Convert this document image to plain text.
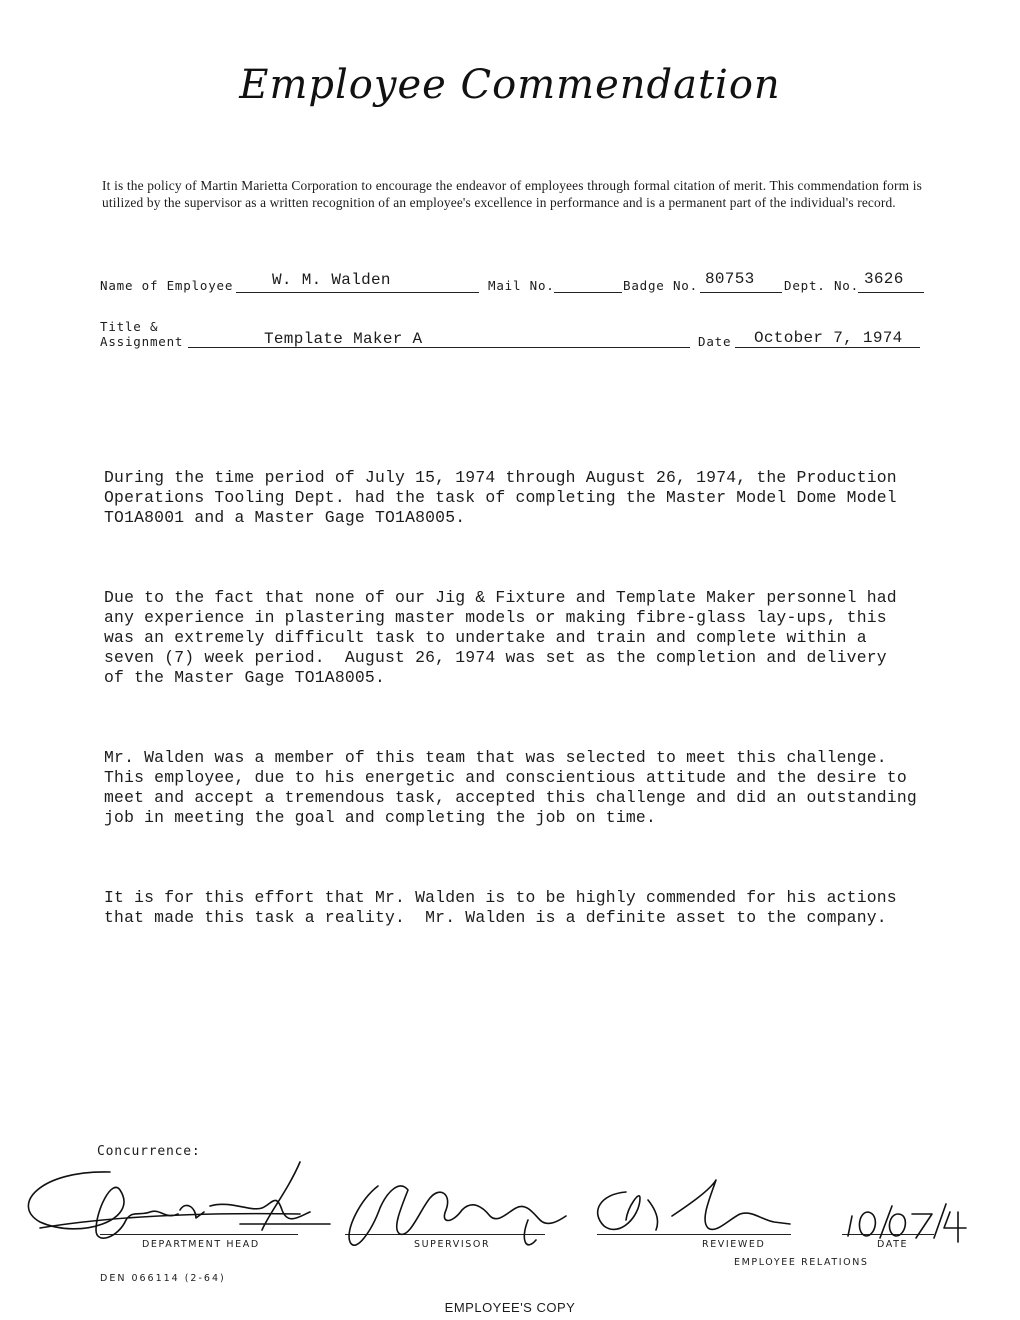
Employee Commendation
It is the policy of Martin Marietta Corporation to encourage the endeavor of employees through formal citation of merit. This commendation form is utilized by the supervisor as a written recognition of an employee's excellence in performance and is a permanent part of the individual's record.
Name of Employee W. M. Walden	Mail No.	Badge No. 80753 Dept. No. 3626
Title &
Assignment	Template Maker A	Date October 7, 1974

During the time period of July 15, 1974 through August 26, 1974, the Production
Operations Tooling Dept. had the task of completing the Master Model Dome Model
TO1A8001 and a Master Gage TO1A8005.

Due to the fact that none of our Jig & Fixture and Template Maker personnel had
any experience in plastering master models or making fibre-glass lay-ups, this
was an extremely difficult task to undertake and train and complete within a
seven (7) week period.  August 26, 1974 was set as the completion and delivery
of the Master Gage TO1A8005.

Mr. Walden was a member of this team that was selected to meet this challenge.
This employee, due to his energetic and conscientious attitude and the desire to
meet and accept a tremendous task, accepted this challenge and did an outstanding
job in meeting the goal and completing the job on time.

It is for this effort that Mr. Walden is to be highly commended for his actions
that made this task a reality.  Mr. Walden is a definite asset to the company.

Concurrence:
DEPARTMENT HEAD	SUPERVISOR	REVIEWED	DATE
EMPLOYEE RELATIONS
DEN 066114 (2-64)
EMPLOYEE'S COPY
